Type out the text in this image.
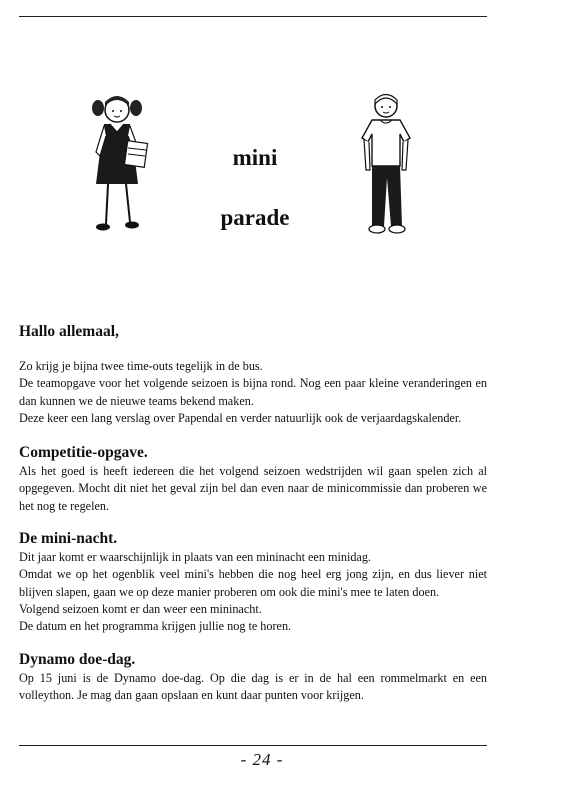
mini
parade
Hallo allemaal,

Zo krijg je bijna twee time-outs tegelijk in de bus.

De teamopgave voor het volgende seizoen is bijna rond. Nog een paar kleine veranderingen en dan kunnen we de nieuwe teams bekend maken.

Deze keer een lang verslag over Papendal en verder natuurlijk ook de verjaardagskalender.

Competitie-opgave.

Als het goed is heeft iedereen die het volgend seizoen wedstrijden wil gaan spelen zich al opgegeven. Mocht dit niet het geval zijn bel dan even naar de minicommissie dan proberen we het nog te regelen.

De mini-nacht.

Dit jaar komt er waarschijnlijk in plaats van een mininacht een minidag.

Omdat we op het ogenblik veel mini's hebben die nog heel erg jong zijn, en dus liever niet blijven slapen, gaan we op deze manier proberen om ook die mini's mee te laten doen.

Volgend seizoen komt er dan weer een mininacht.

De datum en het programma krijgen jullie nog te horen.

Dynamo doe-dag.

Op 15 juni is de Dynamo doe-dag. Op die dag is er in de hal een rommelmarkt en een volleython. Je mag dan gaan opslaan en kunt daar punten voor krijgen.

- 24 -
